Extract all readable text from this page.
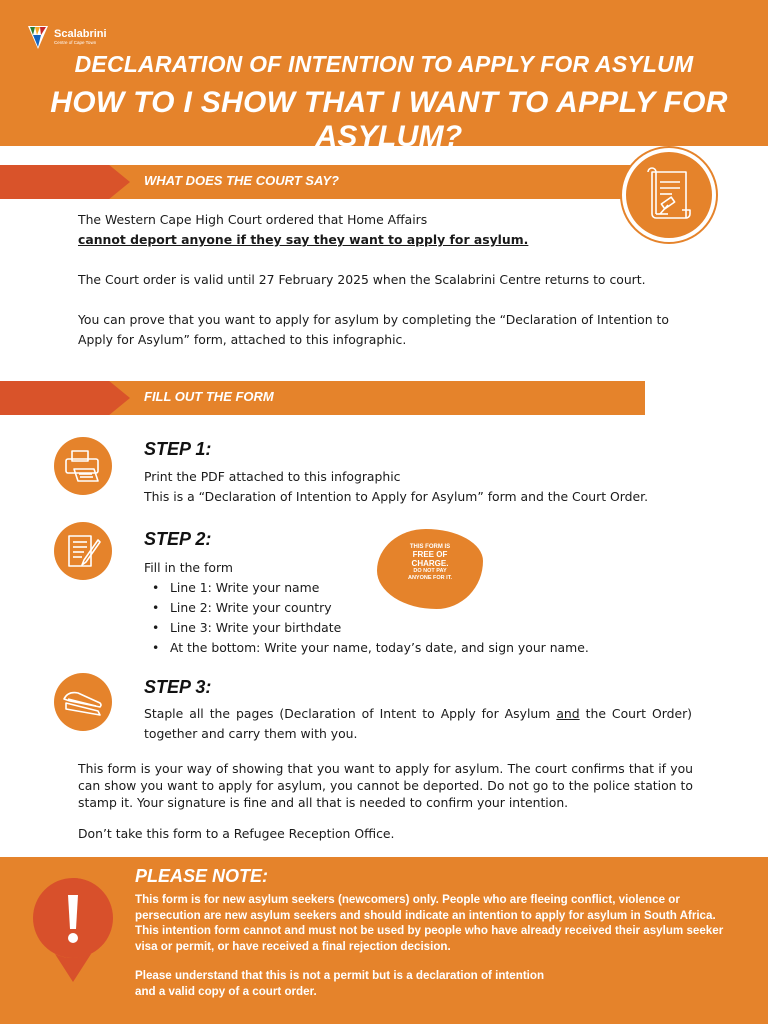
Scalabrini
Centre of Cape Town
DECLARATION OF INTENTION TO APPLY FOR ASYLUM
HOW TO I SHOW THAT I WANT TO APPLY FOR ASYLUM?
WHAT DOES THE COURT SAY?
The Western Cape High Court ordered that Home Affairs
cannot deport anyone if they say they want to apply for asylum.
The Court order is valid until 27 February 2025 when the Scalabrini Centre returns to court.
You can prove that you want to apply for asylum by completing the “Declaration of Intention to Apply for Asylum” form, attached to this infographic.
FILL OUT THE FORM
STEP 1:
Print the PDF attached to this infographic
This is a “Declaration of Intention to Apply for Asylum” form and the Court Order.
STEP 2:
Fill in the form
• Line 1: Write your name
• Line 2: Write your country
• Line 3: Write your birthdate
• At the bottom: Write your name, today’s date, and sign your name.
THIS FORM IS
FREE OF
CHARGE.
DO NOT PAY
ANYONE FOR IT.
STEP 3:
Staple all the pages (Declaration of Intent to Apply for Asylum and the Court Order) together and carry them with you.
This form is your way of showing that you want to apply for asylum. The court confirms that if you can show you want to apply for asylum, you cannot be deported. Do not go to the police station to stamp it. Your signature is fine and all that is needed to confirm your intention.
Don’t take this form to a Refugee Reception Office.
PLEASE NOTE:
This form is for new asylum seekers (newcomers) only. People who are fleeing conflict, violence or persecution are new asylum seekers and should indicate an intention to apply for asylum in South Africa. This intention form cannot and must not be used by people who have already received their asylum seeker visa or permit, or have received a final rejection decision.
Please understand that this is not a permit but is a declaration of intention
and a valid copy of a court order.
